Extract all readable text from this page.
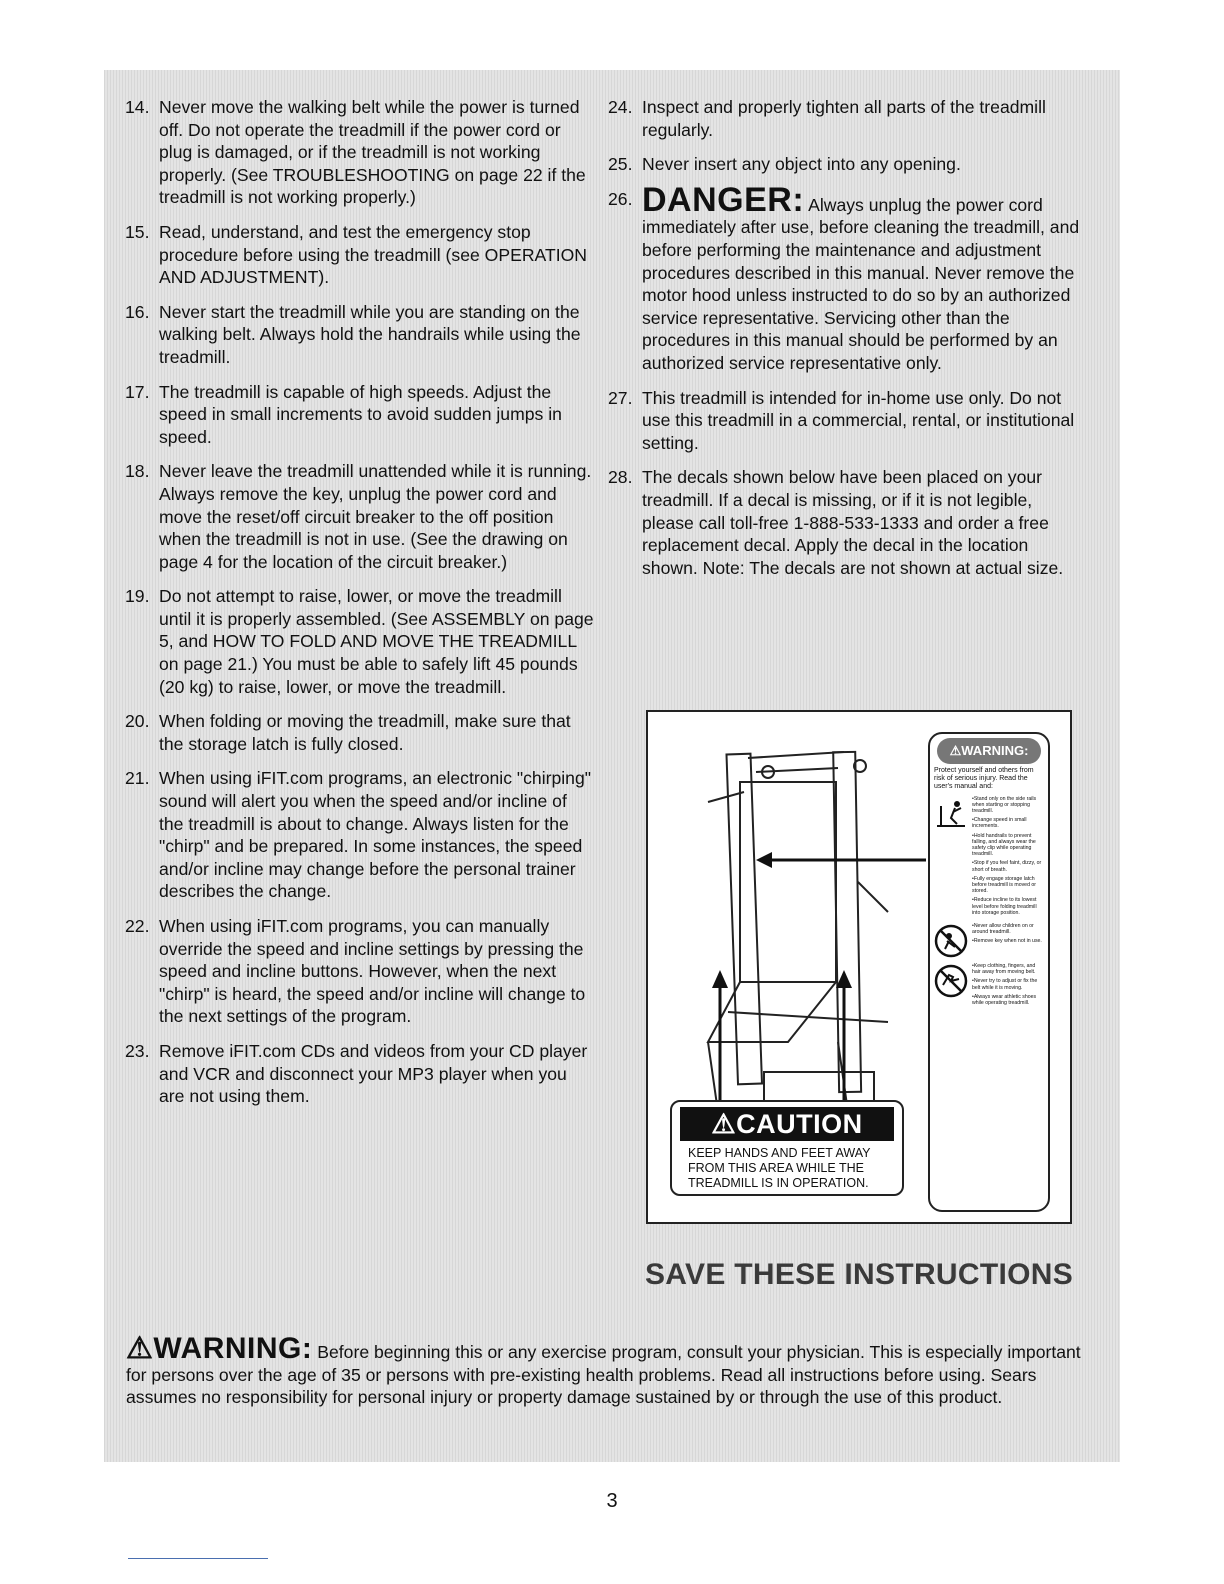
14. Never move the walking belt while the power is turned off. Do not operate the treadmill if the power cord or plug is damaged, or if the treadmill is not working properly. (See TROUBLESHOOTING on page 22 if the treadmill is not working properly.)
15. Read, understand, and test the emergency stop procedure before using the treadmill (see OPERATION AND ADJUSTMENT).
16. Never start the treadmill while you are standing on the walking belt. Always hold the handrails while using the treadmill.
17. The treadmill is capable of high speeds. Adjust the speed in small increments to avoid sudden jumps in speed.
18. Never leave the treadmill unattended while it is running. Always remove the key, unplug the power cord and move the reset/off circuit breaker to the off position when the treadmill is not in use. (See the drawing on page 4 for the location of the circuit breaker.)
19. Do not attempt to raise, lower, or move the treadmill until it is properly assembled. (See ASSEMBLY on page 5, and HOW TO FOLD AND MOVE THE TREADMILL on page 21.) You must be able to safely lift 45 pounds (20 kg) to raise, lower, or move the treadmill.
20. When folding or moving the treadmill, make sure that the storage latch is fully closed.
21. When using iFIT.com programs, an electronic "chirping" sound will alert you when the speed and/or incline of the treadmill is about to change. Always listen for the "chirp" and be prepared. In some instances, the speed and/or incline may change before the personal trainer describes the change.
22. When using iFIT.com programs, you can manually override the speed and incline settings by pressing the speed and incline buttons. However, when the next "chirp" is heard, the speed and/or incline will change to the next settings of the program.
23. Remove iFIT.com CDs and videos from your CD player and VCR and disconnect your MP3 player when you are not using them.
24. Inspect and properly tighten all parts of the treadmill regularly.
25. Never insert any object into any opening.
26. DANGER: Always unplug the power cord immediately after use, before cleaning the treadmill, and before performing the maintenance and adjustment procedures described in this manual. Never remove the motor hood unless instructed to do so by an authorized service representative. Servicing other than the procedures in this manual should be performed by an authorized service representative only.
27. This treadmill is intended for in-home use only. Do not use this treadmill in a commercial, rental, or institutional setting.
28. The decals shown below have been placed on your treadmill. If a decal is missing, or if it is not legible, please call toll-free 1-888-533-1333 and order a free replacement decal. Apply the decal in the location shown. Note: The decals are not shown at actual size.
⚠WARNING:
Protect yourself and others from risk of serious injury. Read the user's manual and:
•Stand only on the side rails when starting or stopping treadmill.
•Change speed in small increments.
•Hold handrails to prevent falling, and always wear the safety clip while operating treadmill.
•Stop if you feel faint, dizzy, or short of breath.
•Fully engage storage latch before treadmill is moved or stored.
•Reduce incline to its lowest level before folding treadmill into storage position.
•Never allow children on or around treadmill.
•Remove key when not in use.
•Keep clothing, fingers, and hair away from moving belt.
•Never try to adjust or fix the belt while it is moving.
•Always wear athletic shoes while operating treadmill.
⚠CAUTION
KEEP HANDS AND FEET AWAY FROM THIS AREA WHILE THE TREADMILL IS IN OPERATION.
SAVE THESE INSTRUCTIONS
⚠WARNING: Before beginning this or any exercise program, consult your physician. This is especially important for persons over the age of 35 or persons with pre-existing health problems. Read all instructions before using. Sears assumes no responsibility for personal injury or property damage sustained by or through the use of this product.
3
